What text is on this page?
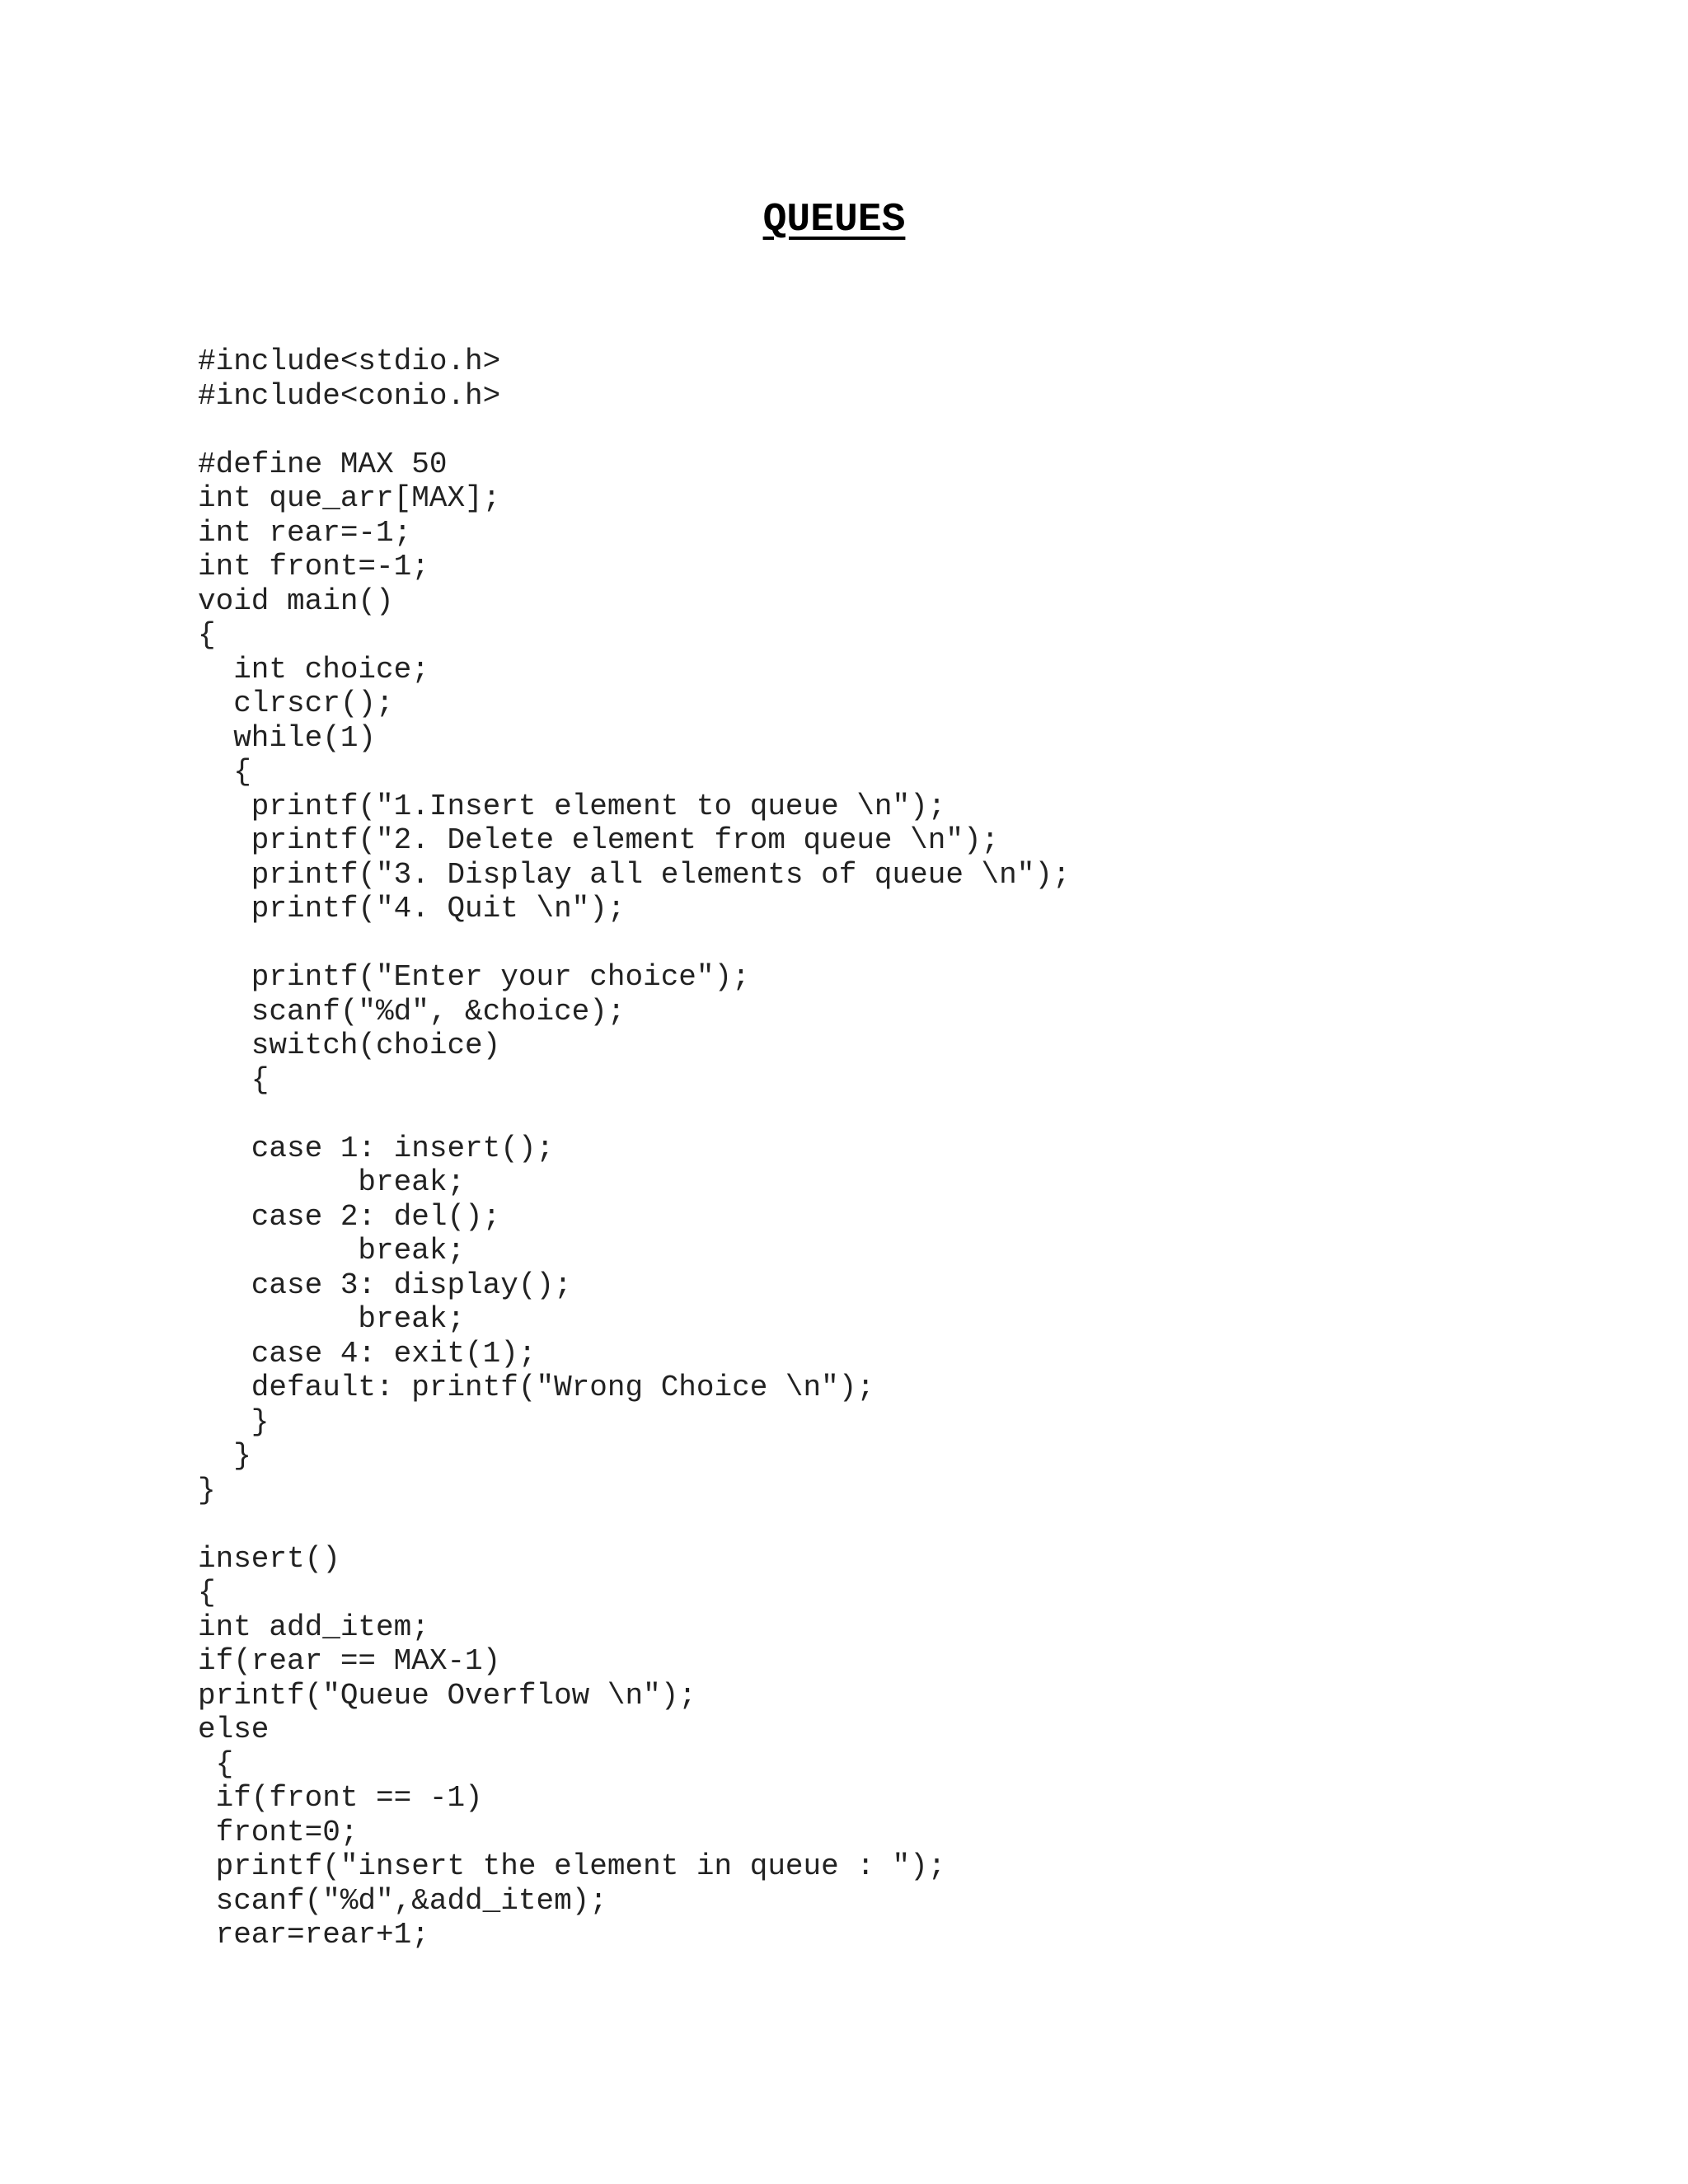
QUEUES
#include<stdio.h>
#include<conio.h>

#define MAX 50
int que_arr[MAX];
int rear=-1;
int front=-1;
void main()
{
int choice;
clrscr();
while(1)
{
printf("1.Insert element to queue \n");
printf("2. Delete element from queue \n");
printf("3. Display all elements of queue \n");
printf("4. Quit \n");

printf("Enter your choice");
scanf("%d", &choice);
switch(choice)
{

case 1: insert();
break;
case 2: del();
break;
case 3: display();
break;
case 4: exit(1);
default: printf("Wrong Choice \n");
}
}
}

insert()
{
int add_item;
if(rear == MAX-1)
printf("Queue Overflow \n");
else
{
if(front == -1)
front=0;
printf("insert the element in queue : ");
scanf("%d",&add_item);
rear=rear+1;
